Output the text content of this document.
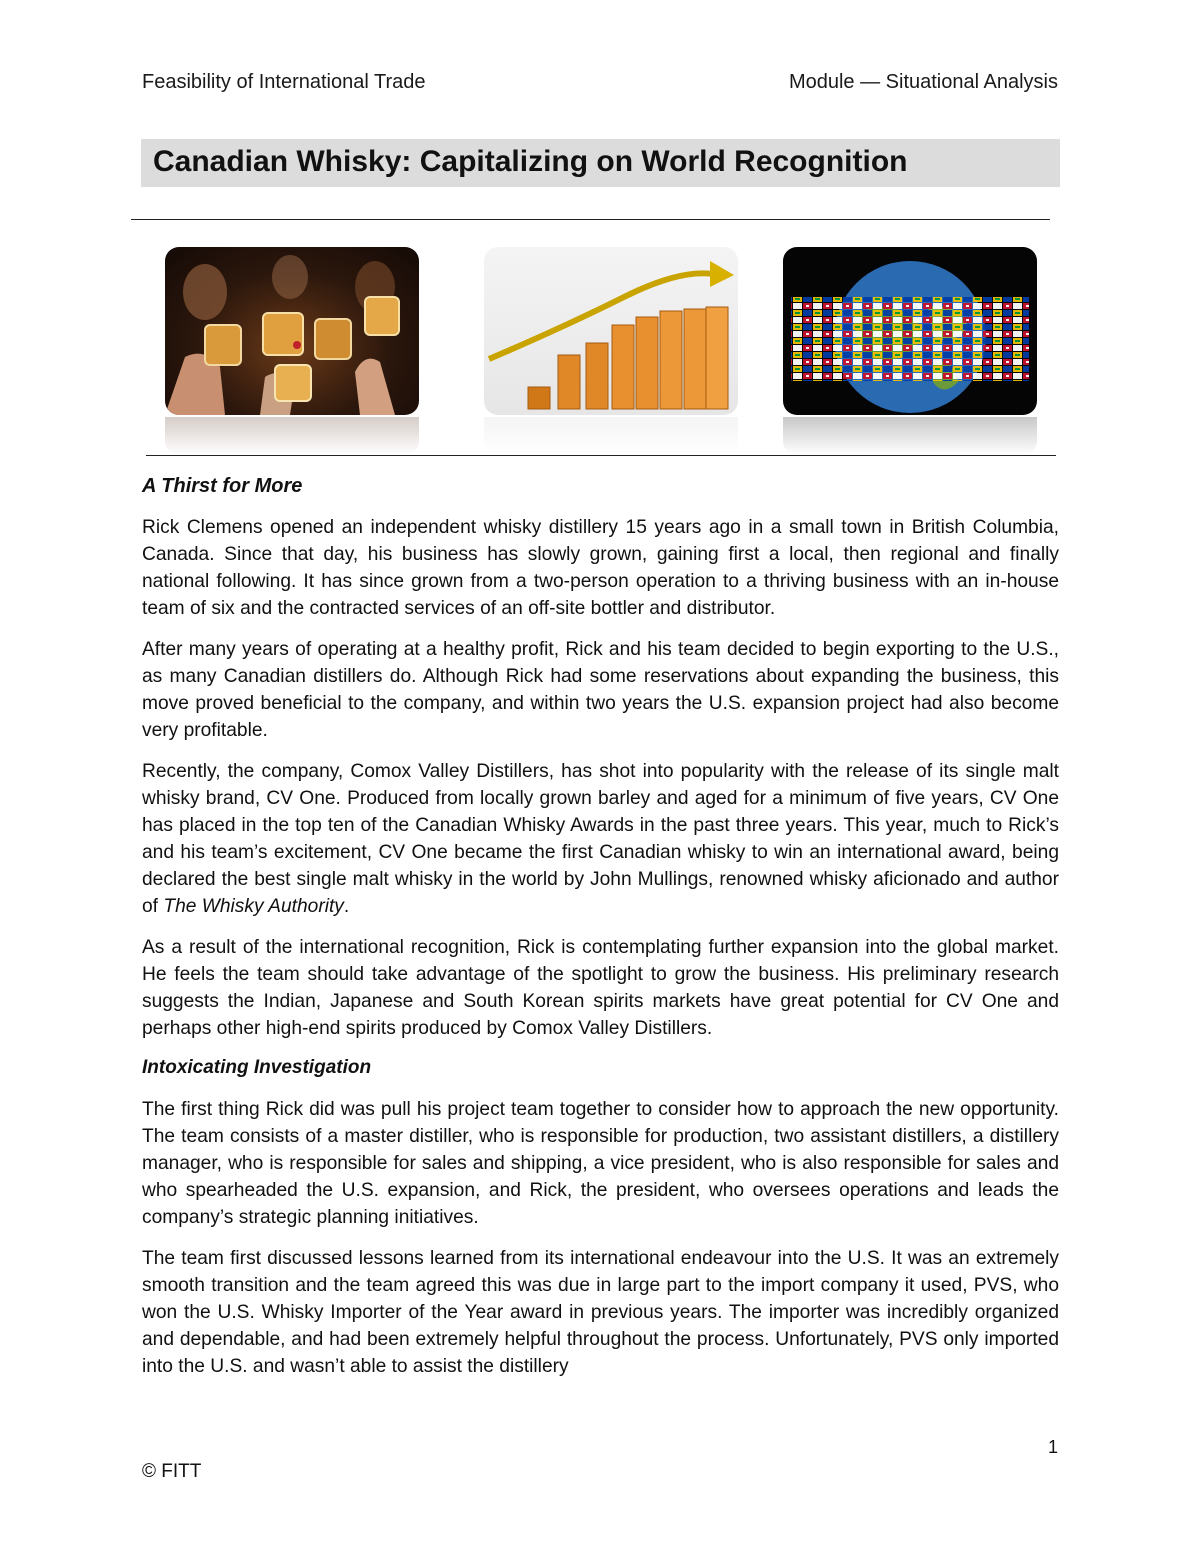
Feasibility of International Trade	Module — Situational Analysis
Canadian Whisky: Capitalizing on World Recognition
A Thirst for More

Rick Clemens opened an independent whisky distillery 15 years ago in a small town in British Columbia, Canada. Since that day, his business has slowly grown, gaining first a local, then regional and finally national following. It has since grown from a two-person operation to a thriving business with an in-house team of six and the contracted services of an off-site bottler and distributor.

After many years of operating at a healthy profit, Rick and his team decided to begin exporting to the U.S., as many Canadian distillers do. Although Rick had some reservations about expanding the business, this move proved beneficial to the company, and within two years the U.S. expansion project had also become very profitable.

Recently, the company, Comox Valley Distillers, has shot into popularity with the release of its single malt whisky brand, CV One. Produced from locally grown barley and aged for a minimum of five years, CV One has placed in the top ten of the Canadian Whisky Awards in the past three years. This year, much to Rick’s and his team’s excitement, CV One became the first Canadian whisky to win an international award, being declared the best single malt whisky in the world by John Mullings, renowned whisky aficionado and author of The Whisky Authority.

As a result of the international recognition, Rick is contemplating further expansion into the global market. He feels the team should take advantage of the spotlight to grow the business. His preliminary research suggests the Indian, Japanese and South Korean spirits markets have great potential for CV One and perhaps other high-end spirits produced by Comox Valley Distillers.

Intoxicating Investigation

The first thing Rick did was pull his project team together to consider how to approach the new opportunity. The team consists of a master distiller, who is responsible for production, two assistant distillers, a distillery manager, who is responsible for sales and shipping, a vice president, who is also responsible for sales and who spearheaded the U.S. expansion, and Rick, the president, who oversees operations and leads the company’s strategic planning initiatives.

The team first discussed lessons learned from its international endeavour into the U.S. It was an extremely smooth transition and the team agreed this was due in large part to the import company it used, PVS, who won the U.S. Whisky Importer of the Year award in previous years. The importer was incredibly organized and dependable, and had been extremely helpful throughout the process. Unfortunately, PVS only imported into the U.S. and wasn’t able to assist the distillery

1
© FITT
